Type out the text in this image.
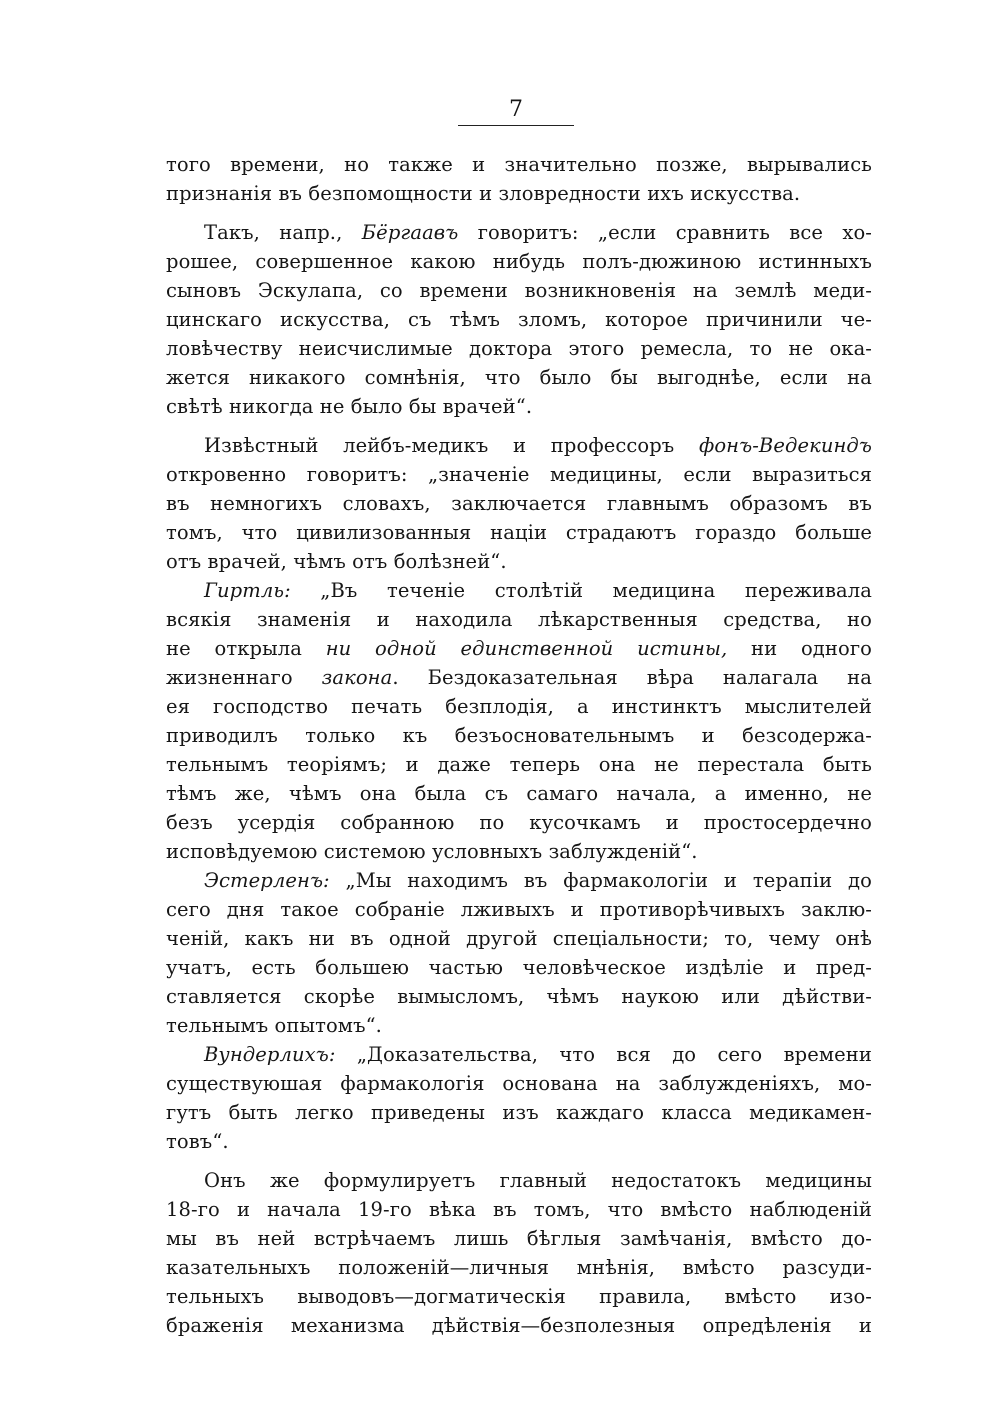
7
того времени, но также и значительно позже, вырывались
признанія въ безпомощности и зловредности ихъ искусства.
Такъ, напр., Бёргаавъ говоритъ: „если сравнить все хо-
рошее, совершенное какою нибудь полъ-дюжиною истинныхъ
сыновъ Эскулапа, со времени возникновенія на землѣ меди-
цинскаго искусства, съ тѣмъ зломъ, которое причинили че-
ловѣчеству неисчислимые доктора этого ремесла, то не ока-
жется никакого сомнѣнія, что было бы выгоднѣе, если на
свѣтѣ никогда не было бы врачей“.
Извѣстный лейбъ-медикъ и профессоръ фонъ-Ведекиндъ
откровенно говоритъ: „значеніе медицины, если выразиться
въ немногихъ словахъ, заключается главнымъ образомъ въ
томъ, что цивилизованныя націи страдаютъ гораздо больше
отъ врачей, чѣмъ отъ болѣзней“.
Гиртль: „Въ теченіе столѣтій медицина переживала
всякія знаменія и находила лѣкарственныя средства, но
не открыла ни одной единственной истины, ни одного
жизненнаго закона. Бездоказательная вѣра налагала на
ея господство печать безплодія, а инстинктъ мыслителей
приводилъ только къ безъосновательнымъ и безсодержа-
тельнымъ теоріямъ; и даже теперь она не перестала быть
тѣмъ же, чѣмъ она была съ самаго начала, а именно, не
безъ усердія собранною по кусочкамъ и простосердечно
исповѣдуемою системою условныхъ заблужденій“.
Эстерленъ: „Мы находимъ въ фармакологіи и терапіи до
сего дня такое собраніе лживыхъ и противорѣчивыхъ заклю-
ченій, какъ ни въ одной другой спеціальности; то, чему онѣ
учатъ, есть большею частью человѣческое издѣліе и пред-
ставляется скорѣе вымысломъ, чѣмъ наукою или дѣйстви-
тельнымъ опытомъ“.
Вундерлихъ: „Доказательства, что вся до сего времени
существуюшая фармакологія основана на заблужденіяхъ, мо-
гутъ быть легко приведены изъ каждаго класса медикамен-
товъ“.
Онъ же формулируетъ главный недостатокъ медицины
18-го и начала 19-го вѣка въ томъ, что вмѣсто наблюденій
мы въ ней встрѣчаемъ лишь бѣглыя замѣчанія, вмѣсто до-
казательныхъ положеній—личныя мнѣнія, вмѣсто разсуди-
тельныхъ выводовъ—догматическія правила, вмѣсто изо-
браженія механизма дѣйствія—безполезныя опредѣленія и
